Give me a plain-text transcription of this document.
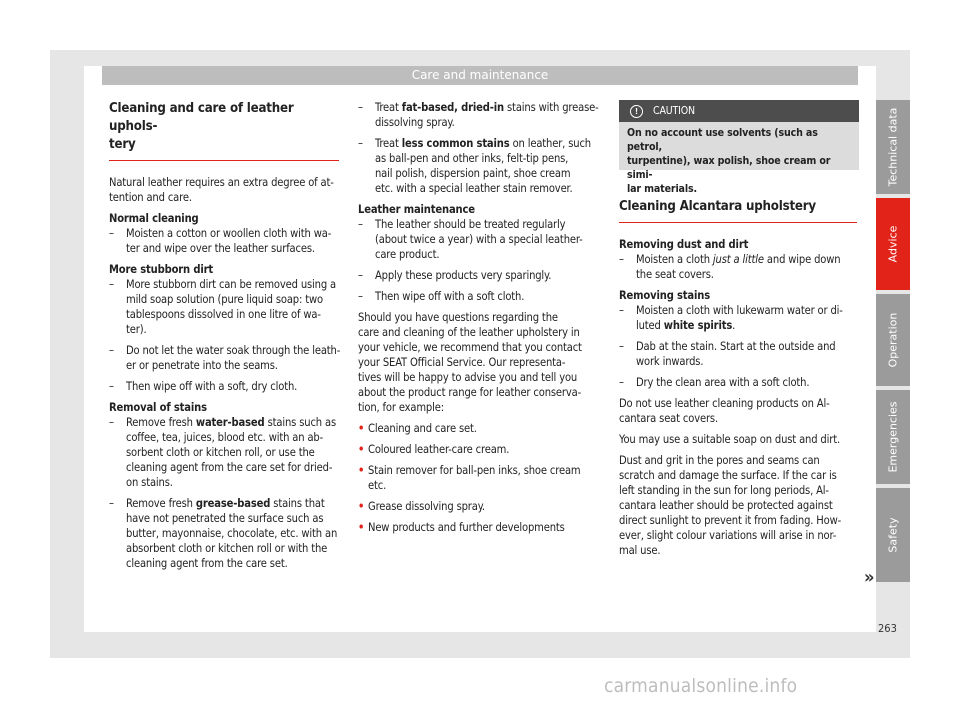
Care and maintenance
Cleaning and care of leather uphols-
tery

Natural leather requires an extra degree of at-
tention and care.

Normal cleaning

– Moisten a cotton or woollen cloth with wa-
ter and wipe over the leather surfaces.

More stubborn dirt

– More stubborn dirt can be removed using a
mild soap solution (pure liquid soap: two
tablespoons dissolved in one litre of wa-
ter).
– Do not let the water soak through the leath-
er or penetrate into the seams.
– Then wipe off with a soft, dry cloth.

Removal of stains

– Remove fresh water-based stains such as
coffee, tea, juices, blood etc. with an ab-
sorbent cloth or kitchen roll, or use the
cleaning agent from the care set for dried-
on stains.
– Remove fresh grease-based stains that
have not penetrated the surface such as
butter, mayonnaise, chocolate, etc. with an
absorbent cloth or kitchen roll or with the
cleaning agent from the care set.
– Treat fat-based, dried-in stains with grease-
dissolving spray.
– Treat less common stains on leather, such
as ball-pen and other inks, felt-tip pens,
nail polish, dispersion paint, shoe cream
etc. with a special leather stain remover.

Leather maintenance

– The leather should be treated regularly
(about twice a year) with a special leather-
care product.
– Apply these products very sparingly.
– Then wipe off with a soft cloth.

Should you have questions regarding the
care and cleaning of the leather upholstery in
your vehicle, we recommend that you contact
your SEAT Official Service. Our representa-
tives will be happy to advise you and tell you
about the product range for leather conserva-
tion, for example:

• Cleaning and care set.
• Coloured leather-care cream.
• Stain remover for ball-pen inks, shoe cream
etc.
• Grease dissolving spray.
• New products and further developments
!	CAUTION
On no account use solvents (such as petrol,
turpentine), wax polish, shoe cream or simi-
lar materials.
Cleaning Alcantara upholstery

Removing dust and dirt

– Moisten a cloth just a little and wipe down
the seat covers.

Removing stains

– Moisten a cloth with lukewarm water or di-
luted white spirits.
– Dab at the stain. Start at the outside and
work inwards.
– Dry the clean area with a soft cloth.

Do not use leather cleaning products on Al-
cantara seat covers.

You may use a suitable soap on dust and dirt.

Dust and grit in the pores and seams can
scratch and damage the surface. If the car is
left standing in the sun for long periods, Al-
cantara leather should be protected against
direct sunlight to prevent it from fading. How-
ever, slight colour variations will arise in nor-
mal use.

Technical data
Advice
Operation
Emergencies
Safety
»
263
carmanualsonline.info
